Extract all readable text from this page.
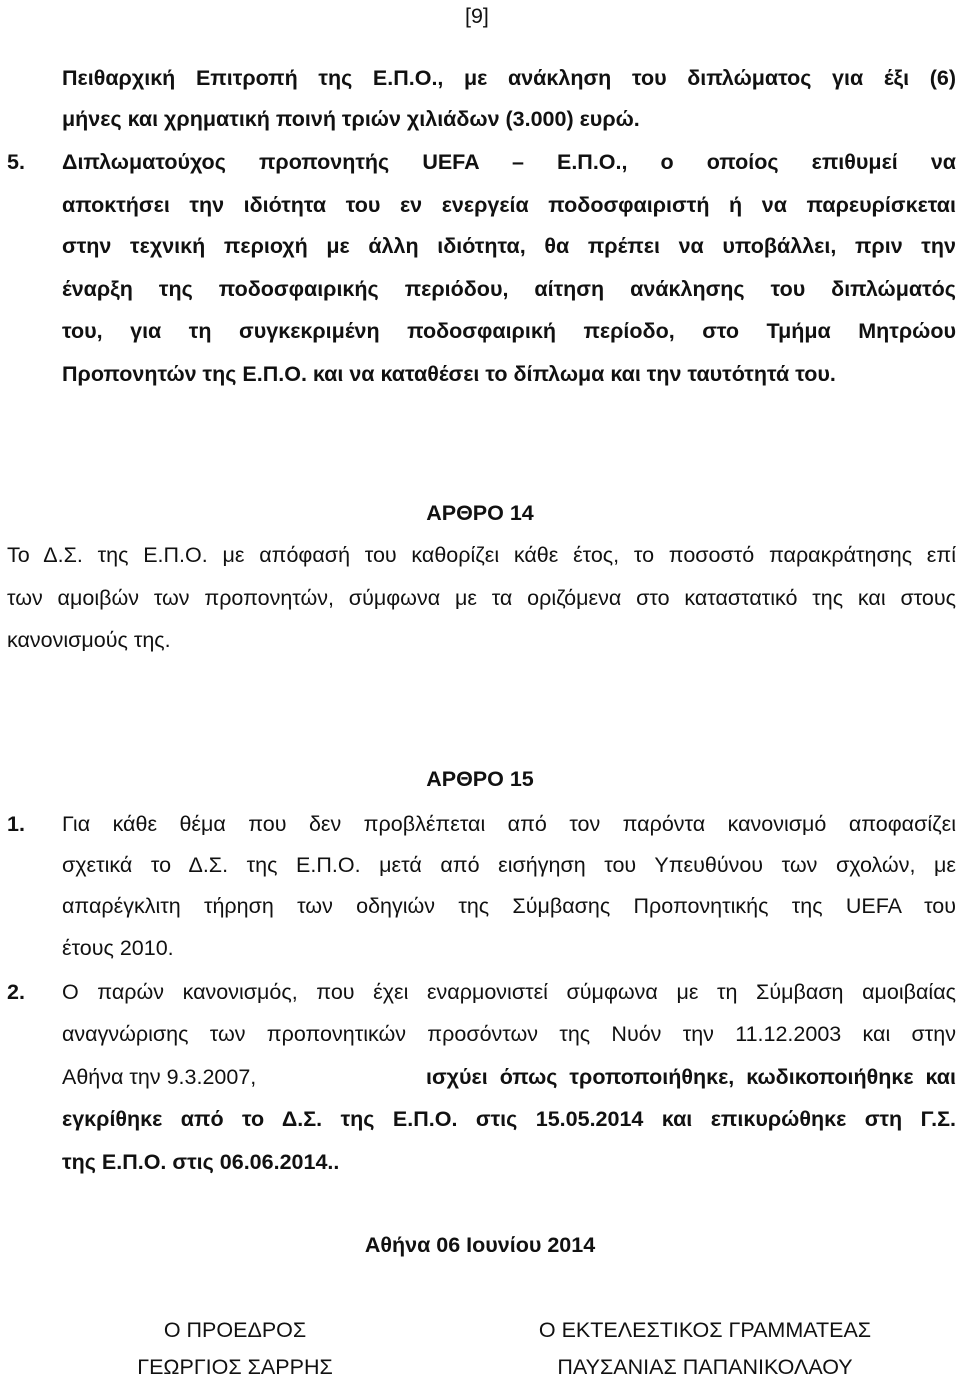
[9]
Πειθαρχική Επιτροπή της Ε.Π.Ο., με ανάκληση του διπλώματος για έξι (6)
μήνες και χρηματική ποινή τριών χιλιάδων (3.000) ευρώ.
5. Διπλωματούχος προπονητής UEFA – Ε.Π.Ο., ο οποίος επιθυμεί να
αποκτήσει την ιδιότητα του εν ενεργεία ποδοσφαιριστή ή να παρευρίσκεται
στην τεχνική περιοχή με άλλη ιδιότητα, θα πρέπει να υποβάλλει, πριν την
έναρξη της ποδοσφαιρικής περιόδου, αίτηση ανάκλησης του διπλώματός
του, για τη συγκεκριμένη ποδοσφαιρική περίοδο, στο Τμήμα Μητρώου
Προπονητών της Ε.Π.Ο. και να καταθέσει το δίπλωμα και την ταυτότητά του.
ΑΡΘΡΟ 14
Το Δ.Σ. της Ε.Π.Ο. με απόφασή του καθορίζει κάθε έτος, το ποσοστό παρακράτησης επί
των αμοιβών των προπονητών, σύμφωνα με τα οριζόμενα στο καταστατικό της και στους
κανονισμούς της.
ΑΡΘΡΟ 15
1. Για κάθε θέμα που δεν προβλέπεται από τον παρόντα κανονισμό αποφασίζει
σχετικά το Δ.Σ. της Ε.Π.Ο. μετά από εισήγηση του Υπευθύνου των σχολών, με
απαρέγκλιτη τήρηση των οδηγιών της Σύμβασης Προπονητικής της UEFA του
έτους 2010.
2. Ο παρών κανονισμός, που έχει εναρμονιστεί σύμφωνα με τη Σύμβαση αμοιβαίας
αναγνώρισης των προπονητικών προσόντων της Νυόν την 11.12.2003 και στην
Αθήνα την 9.3.2007,	ισχύει όπως τροποποιήθηκε, κωδικοποιήθηκε και
εγκρίθηκε από το Δ.Σ. της Ε.Π.Ο. στις 15.05.2014 και επικυρώθηκε στη Γ.Σ.
της Ε.Π.Ο. στις 06.06.2014..
Αθήνα 06 Ιουνίου 2014
Ο ΠΡΟΕΔΡΟΣ
ΓΕΩΡΓΙΟΣ ΣΑΡΡΗΣ
Ο ΕΚΤΕΛΕΣΤΙΚΟΣ ΓΡΑΜΜΑΤΕΑΣ
ΠΑΥΣΑΝΙΑΣ ΠΑΠΑΝΙΚΟΛΑΟΥ
